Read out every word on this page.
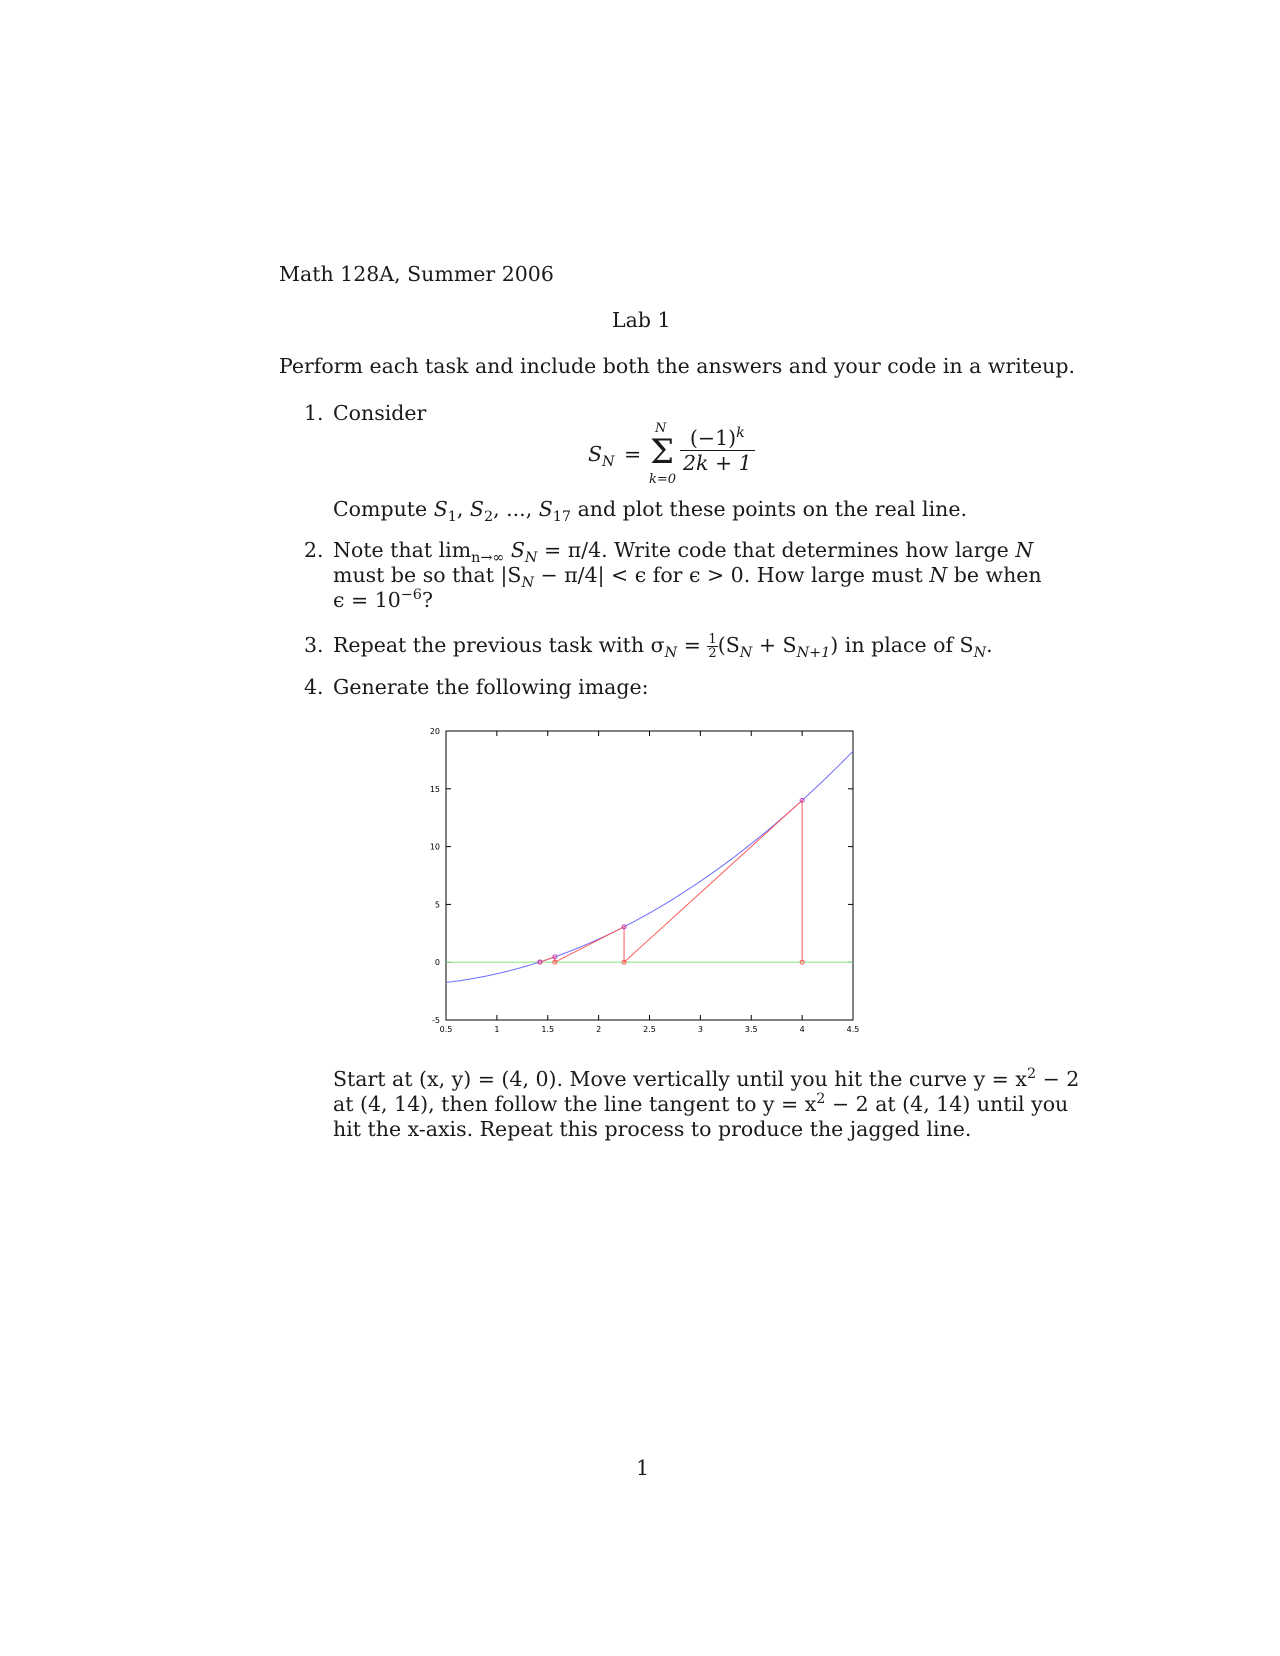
Math 128A, Summer 2006
Lab 1
Perform each task and include both the answers and your code in a writeup.
1. Consider
$S_N$ =
N
Σ
k=0
$\frac{(-1)^k}{2k + 1}$
Compute $S_1$, $S_2$, ..., $S_{17}$ and plot these points on the real line.
2. Note that $\lim_{n\to\infty} S_N = \pi/4$. Write code that determines how large N
must be so that $|S_N - \pi/4| < \epsilon$ for ϵ > 0. How large must N be when
$\epsilon = 10^{-6}$?
3. Repeat the previous task with $\sigma_N = \frac{1}{2} (S_N + S_{N+1})$ in place of $S_N$.
4. Generate the following image:
0.5	1	1.5	2	2.5	3	3.5	4	4.5
-5
0
5
10
15
20
Start at (x, y) = (4, 0). Move vertically until you hit the curve $y = x^2 - 2$
at (4, 14), then follow the line tangent to $y = x^2 - 2$ at (4, 14) until you
hit the x-axis. Repeat this process to produce the jagged line.
1
